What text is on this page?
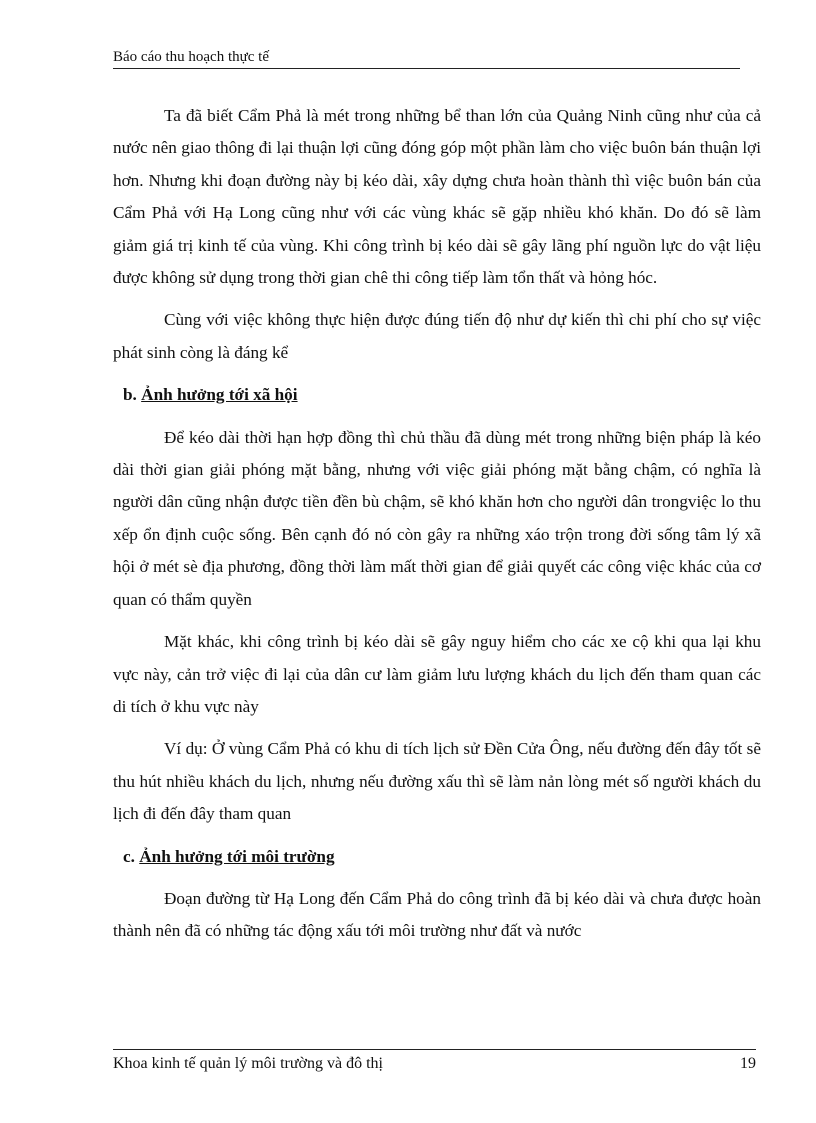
Báo cáo thu hoạch thực tế

Ta đã biết Cẩm Phả là mét trong những bể than lớn của Quảng Ninh cũng như của cả nước nên giao thông đi lại thuận lợi cũng đóng góp một phần làm cho việc buôn bán thuận lợi hơn. Nhưng khi đoạn đường này bị kéo dài, xây dựng chưa hoàn thành thì việc buôn bán của Cẩm Phả với Hạ Long cũng như với các vùng khác sẽ gặp nhiều khó khăn. Do đó sẽ làm giảm giá trị kinh tế của vùng. Khi công trình bị kéo dài sẽ gây lãng phí nguồn lực do vật liệu được không sử dụng trong thời gian chê thi công tiếp làm tổn thất và hỏng hóc.

Cùng với việc không thực hiện được đúng tiến độ như dự kiến thì chi phí cho sự việc phát sinh còng là đáng kể

b. Ảnh hưởng tới xã hội

Để kéo dài thời hạn hợp đồng thì chủ thầu đã dùng mét trong những biện pháp là kéo dài thời gian giải phóng mặt bằng, nhưng với việc giải phóng mặt bằng chậm, có nghĩa là người dân cũng nhận được tiền đền bù chậm, sẽ khó khăn hơn cho người dân trongviệc lo thu xếp ổn định cuộc sống. Bên cạnh đó nó còn gây ra những xáo trộn trong đời sống tâm lý xã hội ở mét sè địa phương, đồng thời làm mất thời gian để giải quyết các công việc khác của cơ quan có thẩm quyền

Mặt khác, khi công trình bị kéo dài sẽ gây nguy hiểm cho các xe cộ khi qua lại khu vực này, cản trở việc đi lại của dân cư làm giảm lưu lượng khách du lịch đến tham quan các di tích ở khu vực này

Ví dụ: Ở vùng Cẩm Phả có khu di tích lịch sử Đền Cửa Ông, nếu đường đến đây tốt sẽ thu hút nhiều khách du lịch, nhưng nếu đường xấu thì sẽ làm nản lòng mét số người khách du lịch đi đến đây tham quan

c. Ảnh hưởng tới môi trường

Đoạn đường từ Hạ Long đến Cẩm Phả do công trình đã bị kéo dài và chưa được hoàn thành nên đã có những tác động xấu tới môi trường như đất và nước

Khoa kinh tế quản lý môi trường và đô thị	19
